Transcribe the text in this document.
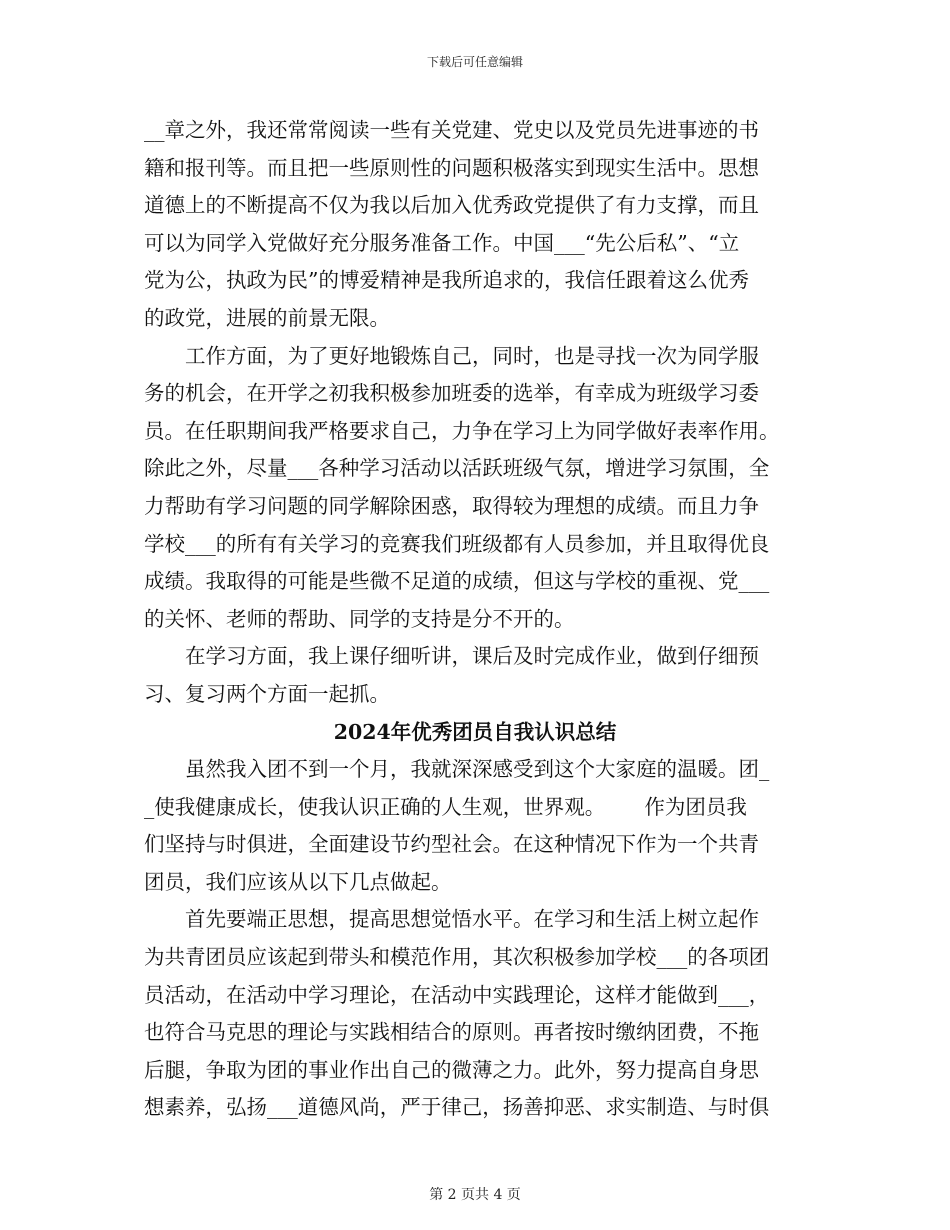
下载后可任意编辑
__章之外，我还常常阅读一些有关党建、党史以及党员先进事迹的书
籍和报刊等。而且把一些原则性的问题积极落实到现实生活中。思想
道德上的不断提高不仅为我以后加入优秀政党提供了有力支撑，而且
可以为同学入党做好充分服务准备工作。中国___“先公后私”、“立
党为公，执政为民”的博爱精神是我所追求的，我信任跟着这么优秀
的政党，进展的前景无限。
工作方面，为了更好地锻炼自己，同时，也是寻找一次为同学服
务的机会，在开学之初我积极参加班委的选举，有幸成为班级学习委
员。在任职期间我严格要求自己，力争在学习上为同学做好表率作用。
除此之外，尽量___各种学习活动以活跃班级气氛，增进学习氛围，全
力帮助有学习问题的同学解除困惑，取得较为理想的成绩。而且力争
学校___的所有有关学习的竞赛我们班级都有人员参加，并且取得优良
成绩。我取得的可能是些微不足道的成绩，但这与学校的重视、党___
的关怀、老师的帮助、同学的支持是分不开的。
在学习方面，我上课仔细听讲，课后及时完成作业，做到仔细预
习、复习两个方面一起抓。
2024年优秀团员自我认识总结
虽然我入团不到一个月，我就深深感受到这个大家庭的温暖。团_
_使我健康成长，使我认识正确的人生观，世界观。      作为团员我
们坚持与时俱进，全面建设节约型社会。在这种情况下作为一个共青
团员，我们应该从以下几点做起。
首先要端正思想，提高思想觉悟水平。在学习和生活上树立起作
为共青团员应该起到带头和模范作用，其次积极参加学校___的各项团
员活动，在活动中学习理论，在活动中实践理论，这样才能做到___，
也符合马克思的理论与实践相结合的原则。再者按时缴纳团费，不拖
后腿，争取为团的事业作出自己的微薄之力。此外，努力提高自身思
想素养，弘扬___道德风尚，严于律己，扬善抑恶、求实制造、与时俱
第 2 页共 4 页
